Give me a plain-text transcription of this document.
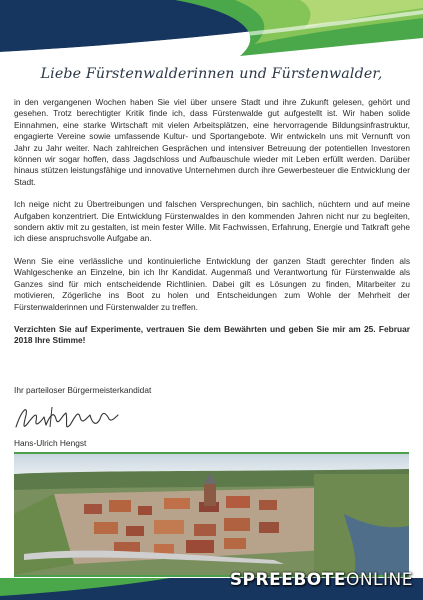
Liebe Fürstenwalderinnen und Fürstenwalder,

in den vergangenen Wochen haben Sie viel über unsere Stadt und ihre Zukunft gelesen, gehört und gesehen. Trotz berechtigter Kritik finde ich, dass Fürstenwalde gut aufgestellt ist. Wir haben solide Einnahmen, eine starke Wirtschaft mit vielen Arbeitsplätzen, eine hervorragende Bildungsinfrastruktur, engagierte Vereine sowie umfassende Kultur- und Sportangebote. Wir entwickeln uns mit Vernunft von Jahr zu Jahr weiter. Nach zahlreichen Gesprächen und intensiver Betreuung der potentiellen Investoren können wir sogar hoffen, dass Jagdschloss und Aufbauschule wieder mit Leben erfüllt werden. Darüber hinaus stützen leistungsfähige und innovative Unternehmen durch ihre Gewerbesteuer die Entwicklung der Stadt.

Ich neige nicht zu Übertreibungen und falschen Versprechungen, bin sachlich, nüchtern und auf meine Aufgaben konzentriert. Die Entwicklung Fürstenwaldes in den kommenden Jahren nicht nur zu begleiten, sondern aktiv mit zu gestalten, ist mein fester Wille. Mit Fachwissen, Erfahrung, Energie und Tatkraft gehe ich diese anspruchsvolle Aufgabe an.

Wenn Sie eine verlässliche und kontinuierliche Entwicklung der ganzen Stadt gerechter finden als Wahlgeschenke an Einzelne, bin ich Ihr Kandidat. Augenmaß und Verantwortung für Fürstenwalde als Ganzes sind für mich entscheidende Richtlinien. Dabei gilt es Lösungen zu finden, Mitarbeiter zu motivieren, Zögerliche ins Boot zu holen und Entscheidungen zum Wohle der Mehrheit der Fürstenwalderinnen und Fürstenwalder zu treffen.

Verzichten Sie auf Experimente, vertrauen Sie dem Bewährten und geben Sie mir am 25. Februar 2018 Ihre Stimme!

Ihr parteiloser Bürgermeisterkandidat
Hans-Ulrich Hengst
SPREEBOTEONLINE
